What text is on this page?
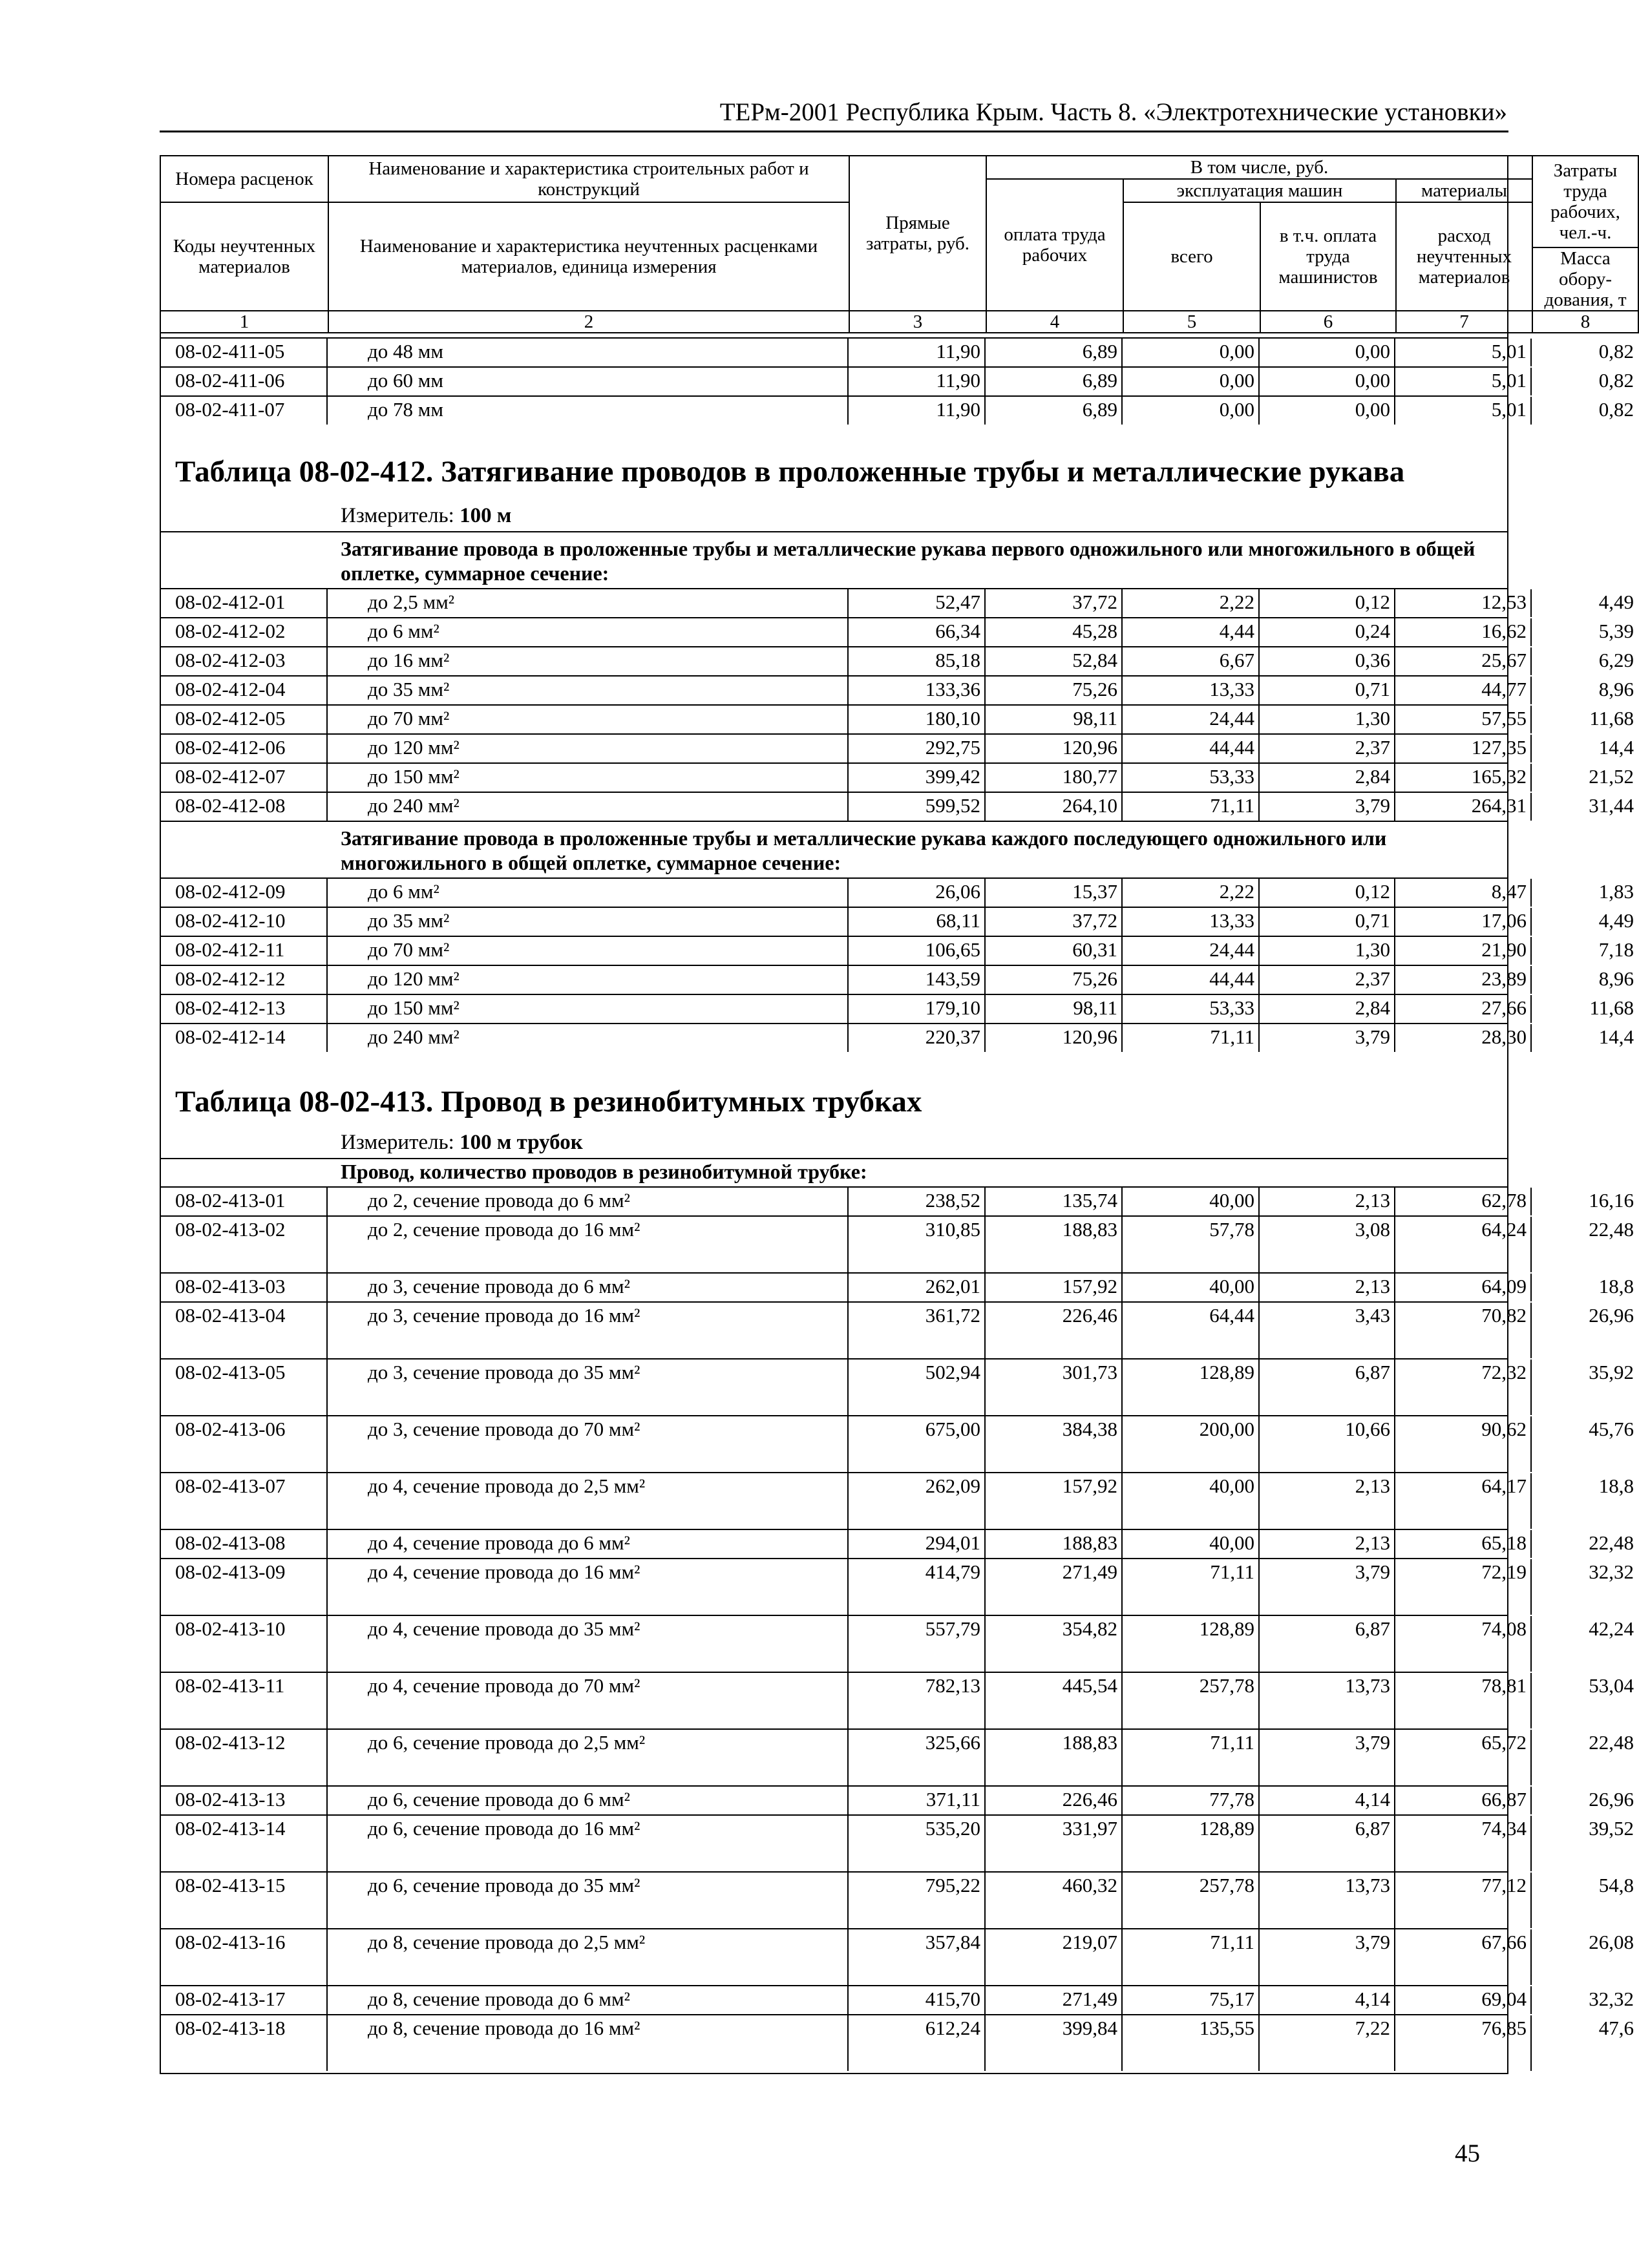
ТЕРм-2001 Республика Крым. Часть 8. «Электротехнические установки»
Номера расценок	Наименование и характеристика строительных работ и конструкций	Прямые затраты, руб.	В том числе, руб.				Затраты труда рабочих, чел.-ч.
			оплата труда рабочих	эксплуатация машин		материалы	
Коды неучтенных материалов	Наименование и характеристика неучтенных расценками материалов, единица измерения			всего	в т.ч. оплата труда машинистов	расход неучтенных материалов	
							Масса обору-дования, т
1	2	3	4	5	6	7	8
08-02-411-05	до 48 мм	11,90	6,89	0,00	0,00	5,01	0,82
08-02-411-06	до 60 мм	11,90	6,89	0,00	0,00	5,01	0,82
08-02-411-07	до 78 мм	11,90	6,89	0,00	0,00	5,01	0,82
Таблица 08-02-412. Затягивание проводов в проложенные трубы и металлические рукава
Измеритель: 100 м
Затягивание провода в проложенные трубы и металлические рукава первого одножильного или многожильного в общей оплетке, суммарное сечение:
08-02-412-01	до 2,5 мм²	52,47	37,72	2,22	0,12	12,53	4,49
08-02-412-02	до 6 мм²	66,34	45,28	4,44	0,24	16,62	5,39
08-02-412-03	до 16 мм²	85,18	52,84	6,67	0,36	25,67	6,29
08-02-412-04	до 35 мм²	133,36	75,26	13,33	0,71	44,77	8,96
08-02-412-05	до 70 мм²	180,10	98,11	24,44	1,30	57,55	11,68
08-02-412-06	до 120 мм²	292,75	120,96	44,44	2,37	127,35	14,4
08-02-412-07	до 150 мм²	399,42	180,77	53,33	2,84	165,32	21,52
08-02-412-08	до 240 мм²	599,52	264,10	71,11	3,79	264,31	31,44
Затягивание провода в проложенные трубы и металлические рукава каждого последующего одножильного или многожильного в общей оплетке, суммарное сечение:
08-02-412-09	до 6 мм²	26,06	15,37	2,22	0,12	8,47	1,83
08-02-412-10	до 35 мм²	68,11	37,72	13,33	0,71	17,06	4,49
08-02-412-11	до 70 мм²	106,65	60,31	24,44	1,30	21,90	7,18
08-02-412-12	до 120 мм²	143,59	75,26	44,44	2,37	23,89	8,96
08-02-412-13	до 150 мм²	179,10	98,11	53,33	2,84	27,66	11,68
08-02-412-14	до 240 мм²	220,37	120,96	71,11	3,79	28,30	14,4
Таблица 08-02-413. Провод в резинобитумных трубках
Измеритель: 100 м трубок
Провод, количество проводов в резинобитумной трубке:
08-02-413-01	до 2, сечение провода до 6 мм²	238,52	135,74	40,00	2,13	62,78	16,16
08-02-413-02	до 2, сечение провода до 16 мм²	310,85	188,83	57,78	3,08	64,24	22,48
08-02-413-03	до 3, сечение провода до 6 мм²	262,01	157,92	40,00	2,13	64,09	18,8
08-02-413-04	до 3, сечение провода до 16 мм²	361,72	226,46	64,44	3,43	70,82	26,96
08-02-413-05	до 3, сечение провода до 35 мм²	502,94	301,73	128,89	6,87	72,32	35,92
08-02-413-06	до 3, сечение провода до 70 мм²	675,00	384,38	200,00	10,66	90,62	45,76
08-02-413-07	до 4, сечение провода до 2,5 мм²	262,09	157,92	40,00	2,13	64,17	18,8
08-02-413-08	до 4, сечение провода до 6 мм²	294,01	188,83	40,00	2,13	65,18	22,48
08-02-413-09	до 4, сечение провода до 16 мм²	414,79	271,49	71,11	3,79	72,19	32,32
08-02-413-10	до 4, сечение провода до 35 мм²	557,79	354,82	128,89	6,87	74,08	42,24
08-02-413-11	до 4, сечение провода до 70 мм²	782,13	445,54	257,78	13,73	78,81	53,04
08-02-413-12	до 6, сечение провода до 2,5 мм²	325,66	188,83	71,11	3,79	65,72	22,48
08-02-413-13	до 6, сечение провода до 6 мм²	371,11	226,46	77,78	4,14	66,87	26,96
08-02-413-14	до 6, сечение провода до 16 мм²	535,20	331,97	128,89	6,87	74,34	39,52
08-02-413-15	до 6, сечение провода до 35 мм²	795,22	460,32	257,78	13,73	77,12	54,8
08-02-413-16	до 8, сечение провода до 2,5 мм²	357,84	219,07	71,11	3,79	67,66	26,08
08-02-413-17	до 8, сечение провода до 6 мм²	415,70	271,49	75,17	4,14	69,04	32,32
08-02-413-18	до 8, сечение провода до 16 мм²	612,24	399,84	135,55	7,22	76,85	47,6
45
